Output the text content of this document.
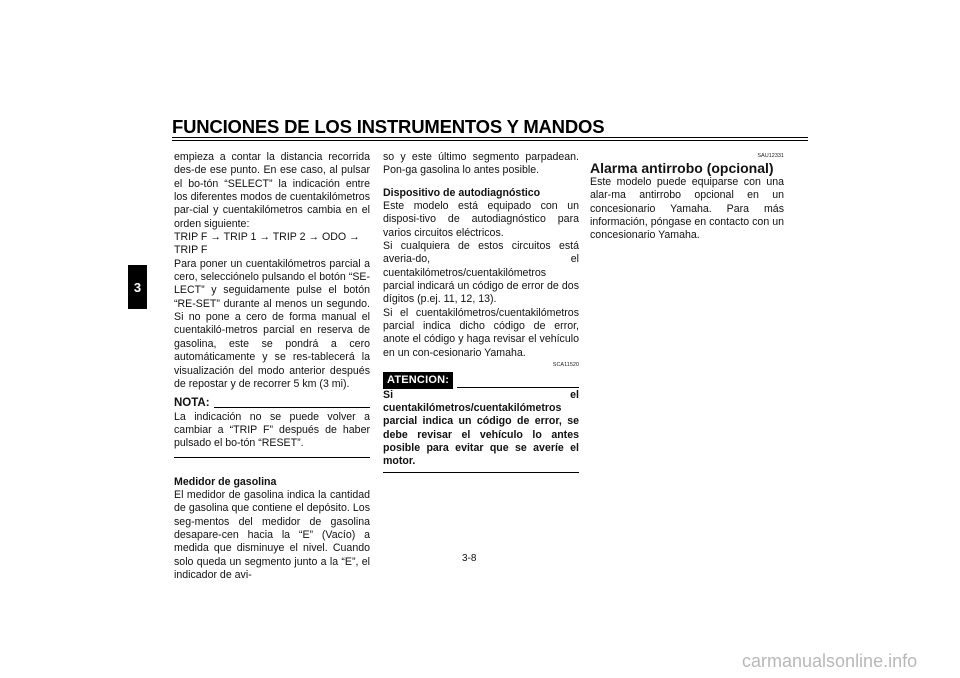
FUNCIONES DE LOS INSTRUMENTOS Y MANDOS
3

empieza a contar la distancia recorrida des-de ese punto. En ese caso, al pulsar el bo-tón “SELECT” la indicación entre los diferentes modos de cuentakilómetros par-cial y cuentakilómetros cambia en el orden siguiente:

TRIP F → TRIP 1 → TRIP 2 → ODO → TRIP F

Para poner un cuentakilómetros parcial a cero, selecciónelo pulsando el botón “SE-LECT” y seguidamente pulse el botón “RE-SET” durante al menos un segundo. Si no pone a cero de forma manual el cuentakiló-metros parcial en reserva de gasolina, este se pondrá a cero automáticamente y se res-tablecerá la visualización del modo anterior después de repostar y de recorrer 5 km (3 mi).

NOTA:

La indicación no se puede volver a cambiar a “TRIP F” después de haber pulsado el bo-tón “RESET”.

Medidor de gasolina

El medidor de gasolina indica la cantidad de gasolina que contiene el depósito. Los seg-mentos del medidor de gasolina desapare-cen hacia la “E” (Vacío) a medida que disminuye el nivel. Cuando solo queda un segmento junto a la “E”, el indicador de avi-

so y este último segmento parpadean. Pon-ga gasolina lo antes posible.

Dispositivo de autodiagnóstico

Este modelo está equipado con un disposi-tivo de autodiagnóstico para varios circuitos eléctricos.

Si cualquiera de estos circuitos está averia-do, el cuentakilómetros/cuentakilómetros parcial indicará un código de error de dos dígitos (p.ej. 11, 12, 13).

Si el cuentakilómetros/cuentakilómetros parcial indica dicho código de error, anote el código y haga revisar el vehículo en un con-cesionario Yamaha.

SCA11520
ATENCION:

Si el cuentakilómetros/cuentakilómetros parcial indica un código de error, se debe revisar el vehículo lo antes posible para evitar que se averíe el motor.

SAU12331

Alarma antirrobo (opcional)

Este modelo puede equiparse con una alar-ma antirrobo opcional en un concesionario Yamaha. Para más información, póngase en contacto con un concesionario Yamaha.

3-8
carmanualsonline.info
